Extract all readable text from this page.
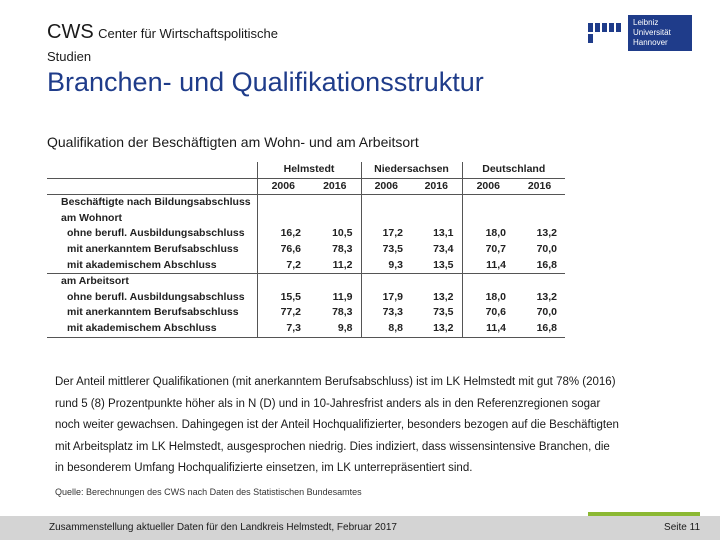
CWS Center für Wirtschaftspolitische
Studien
Leibniz
Universität
Hannover
Branchen- und Qualifikationsstruktur
Qualifikation der Beschäftigten am Wohn- und am Arbeitsort
	Helmstedt		Niedersachsen		Deutschland	
	2006	2016	2006	2016	2006	2016
Beschäftigte nach Bildungsabschluss						
am Wohnort						
ohne berufl. Ausbildungsabschluss	16,2	10,5	17,2	13,1	18,0	13,2
mit anerkanntem Berufsabschluss	76,6	78,3	73,5	73,4	70,7	70,0
mit akademischem Abschluss	7,2	11,2	9,3	13,5	11,4	16,8
am Arbeitsort						
ohne berufl. Ausbildungsabschluss	15,5	11,9	17,9	13,2	18,0	13,2
mit anerkanntem Berufsabschluss	77,2	78,3	73,3	73,5	70,6	70,0
mit akademischem Abschluss	7,3	9,8	8,8	13,2	11,4	16,8
Der Anteil mittlerer Qualifikationen (mit anerkanntem Berufsabschluss) ist im LK Helmstedt mit gut 78% (2016)
rund 5 (8) Prozentpunkte höher als in N (D) und in 10-Jahresfrist anders als in den Referenzregionen sogar
noch weiter gewachsen. Dahingegen ist der Anteil Hochqualifizierter, besonders bezogen auf die Beschäftigten
mit Arbeitsplatz im LK Helmstedt, ausgesprochen niedrig. Dies indiziert, dass wissensintensive Branchen, die
in besonderem Umfang Hochqualifizierte einsetzen, im LK unterrepräsentiert sind.
Quelle: Berechnungen des CWS nach Daten des Statistischen Bundesamtes
Zusammenstellung aktueller Daten für den Landkreis Helmstedt, Februar 2017	Seite 11
